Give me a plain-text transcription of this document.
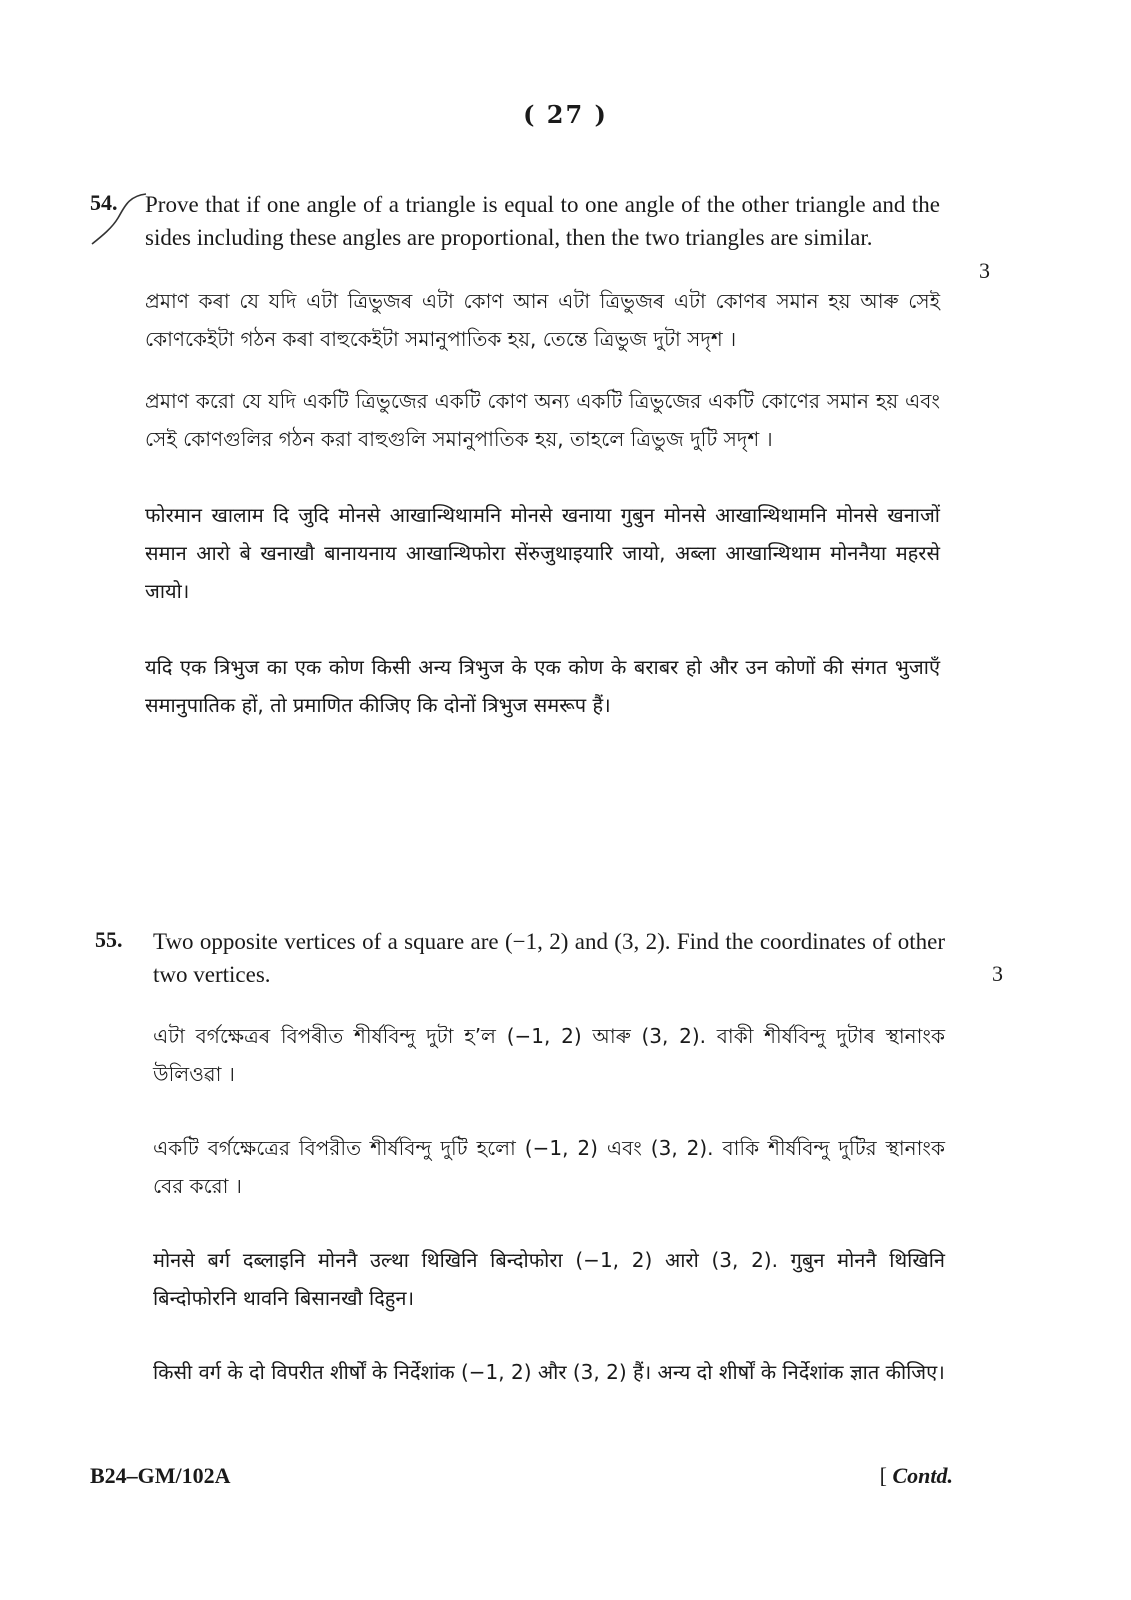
( 27 )
54. Prove that if one angle of a triangle is equal to one angle of the other triangle and the sides including these angles are proportional, then the two triangles are similar.
3
প্ৰমাণ কৰা যে যদি এটা ত্ৰিভুজৰ এটা কোণ আন এটা ত্ৰিভুজৰ এটা কোণৰ সমান হয় আৰু সেই কোণকেইটা গঠন কৰা বাহুকেইটা সমানুপাতিক হয়, তেন্তে ত্ৰিভুজ দুটা সদৃশ ।
প্রমাণ করো যে যদি একটি ত্রিভুজের একটি কোণ অন্য একটি ত্রিভুজের একটি কোণের সমান হয় এবং সেই কোণগুলির গঠন করা বাহুগুলি সমানুপাতিক হয়, তাহলে ত্রিভুজ দুটি সদৃশ ।
फोरमान खालाम दि जुदि मोनसे आखान्थिथामनि मोनसे खनाया गुबुन मोनसे आखान्थिथामनि मोनसे खनाजों समान आरो बे खनाखौ बानायनाय आखान्थिफोरा सेंरुजुथाइयारि जायो, अब्ला आखान्थिथाम मोननैया महरसे जायो।
यदि एक त्रिभुज का एक कोण किसी अन्य त्रिभुज के एक कोण के बराबर हो और उन कोणों की संगत भुजाएँ समानुपातिक हों, तो प्रमाणित कीजिए कि दोनों त्रिभुज समरूप हैं।
55. Two opposite vertices of a square are (−1, 2) and (3, 2). Find the coordinates of other two vertices.	3
এটা বৰ্গক্ষেত্ৰৰ বিপৰীত শীৰ্ষবিন্দু দুটা হ’ল (−1, 2) আৰু (3, 2). বাকী শীৰ্ষবিন্দু দুটাৰ স্থানাংক উলিওৱা ।
একটি বর্গক্ষেত্রের বিপরীত শীর্ষবিন্দু দুটি হলো (−1, 2) এবং (3, 2). বাকি শীর্ষবিন্দু দুটির স্থানাংক বের করো ।
मोनसे बर्ग दब्लाइनि मोननै उल्था थिखिनि बिन्दोफोरा (−1, 2) आरो (3, 2). गुबुन मोननै थिखिनि बिन्दोफोरनि थावनि बिसानखौ दिहुन।
किसी वर्ग के दो विपरीत शीर्षों के निर्देशांक (−1, 2) और (3, 2) हैं। अन्य दो शीर्षों के निर्देशांक ज्ञात कीजिए।
B24–GM/102A	[ Contd.
